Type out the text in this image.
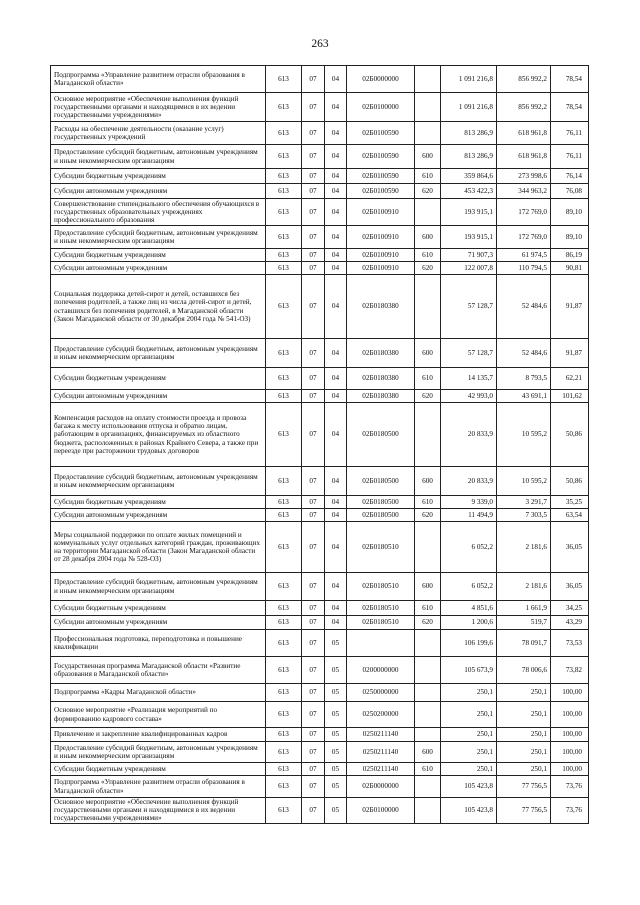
263
Подпрограмма «Управление развитием отрасли образования в Магаданской области»	613	07	04	02Б0000000		1 091 216,8	856 992,2	78,54
Основное мероприятие «Обеспечение выполнения функций государственными органами и находящимися в их ведении государственными учреждениями»	613	07	04	02Б0100000		1 091 216,8	856 992,2	78,54
Расходы на обеспечение деятельности (оказание услуг) государственных учреждений	613	07	04	02Б0100590		813 286,9	618 961,8	76,11
Предоставление субсидий бюджетным, автономным учреждениям и иным некоммерческим организациям	613	07	04	02Б0100590	600	813 286,9	618 961,8	76,11
Субсидии бюджетным учреждениям	613	07	04	02Б0100590	610	359 864,6	273 998,6	76,14
Субсидии автономным учреждениям	613	07	04	02Б0100590	620	453 422,3	344 963,2	76,08
Совершенствование стипендиального обеспечения обучающихся в государственных образовательных учреждениях профессионального образования	613	07	04	02Б0100910		193 915,1	172 769,0	89,10
Предоставление субсидий бюджетным, автономным учреждениям и иным некоммерческим организациям	613	07	04	02Б0100910	600	193 915,1	172 769,0	89,10
Субсидии бюджетным учреждениям	613	07	04	02Б0100910	610	71 907,3	61 974,5	86,19
Субсидии автономным учреждениям	613	07	04	02Б0100910	620	122 007,8	110 794,5	90,81
Социальная поддержка детей-сирот и детей, оставшихся без попечения родителей, а также лиц из числа детей-сирот и детей, оставшихся без попечения родителей, в Магаданской области (Закон Магаданской области от 30 декабря 2004 года № 541-ОЗ)	613	07	04	02Б0180380		57 128,7	52 484,6	91,87
Предоставление субсидий бюджетным, автономным учреждениям и иным некоммерческим организациям	613	07	04	02Б0180380	600	57 128,7	52 484,6	91,87
Субсидии бюджетным учреждениям	613	07	04	02Б0180380	610	14 135,7	8 793,5	62,21
Субсидии автономным учреждениям	613	07	04	02Б0180380	620	42 993,0	43 691,1	101,62
Компенсация расходов на оплату стоимости проезда и провоза багажа к месту использования отпуска и обратно лицам, работающим в организациях, финансируемых из областного бюджета, расположенных в районах Крайнего Севера, а также при переезде при расторжении трудовых договоров	613	07	04	02Б0180500		20 833,9	10 595,2	50,86
Предоставление субсидий бюджетным, автономным учреждениям и иным некоммерческим организациям	613	07	04	02Б0180500	600	20 833,9	10 595,2	50,86
Субсидии бюджетным учреждениям	613	07	04	02Б0180500	610	9 339,0	3 291,7	35,25
Субсидии автономным учреждениям	613	07	04	02Б0180500	620	11 494,9	7 303,5	63,54
Меры социальной поддержки по оплате жилых помещений и коммунальных услуг отдельных категорий граждан, проживающих на территории Магаданской области (Закон Магаданской области от 28 декабря 2004 года № 528-ОЗ)	613	07	04	02Б0180510		6 052,2	2 181,6	36,05
Предоставление субсидий бюджетным, автономным учреждениям и иным некоммерческим организациям	613	07	04	02Б0180510	600	6 052,2	2 181,6	36,05
Субсидии бюджетным учреждениям	613	07	04	02Б0180510	610	4 851,6	1 661,9	34,25
Субсидии автономным учреждениям	613	07	04	02Б0180510	620	1 200,6	519,7	43,29
Профессиональная подготовка, переподготовка и повышение квалификации	613	07	05			106 199,6	78 091,7	73,53
Государственная программа Магаданской области «Развитие образования в Магаданской области»	613	07	05	0200000000		105 673,9	78 006,6	73,82
Подпрограмма «Кадры Магаданской области»	613	07	05	0250000000		250,1	250,1	100,00
Основное мероприятие «Реализация мероприятий по формированию кадрового состава»	613	07	05	0250200000		250,1	250,1	100,00
Привлечение и закрепление квалифицированных кадров	613	07	05	0250211140		250,1	250,1	100,00
Предоставление субсидий бюджетным, автономным учреждениям и иным некоммерческим организациям	613	07	05	0250211140	600	250,1	250,1	100,00
Субсидии бюджетным учреждениям	613	07	05	0250211140	610	250,1	250,1	100,00
Подпрограмма «Управление развитием отрасли образования в Магаданской области»	613	07	05	02Б0000000		105 423,8	77 756,5	73,76
Основное мероприятие «Обеспечение выполнения функций государственными органами и находящимися в их ведении государственными учреждениями»	613	07	05	02Б0100000		105 423,8	77 756,5	73,76
